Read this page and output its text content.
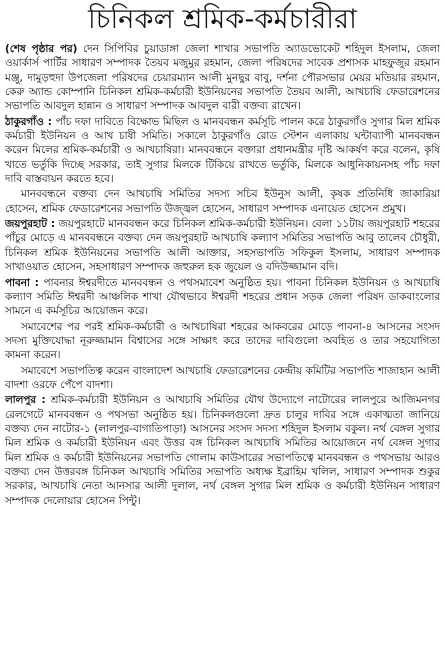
চিনিকল শ্রমিক-কর্মচারীরা

(শেষ পৃষ্ঠার পর) দেন সিপিবির চুয়াডাঙ্গা জেলা শাখার সভাপতি অ্যাডভোকেট শহিদুল ইসলাম, জেলা ওয়ার্কার্স পার্টির সাধারণ সম্পাদক তৈয়ব মজুমুর রহমান, জেলা পরিষদের সাবেক প্রশাসক মাহফুজুর রহমান মঞ্জু, দামুড়হুদা উপজেলা পরিষদের চেয়ারম্যান আলী মুনছুর বাবু, দর্শনা পৌরসভার মেয়র মতিয়ার রহমান, কেরু অ্যান্ড কোম্পানি চিনিকল শ্রমিক-কর্মচারী ইউনিয়নের সভাপতি তৈয়ব আলী, আখচাষি ফেডারেশনের সভাপতি আবদুল হান্নান ও সাধারণ সম্পাদক আবদুল বারী বক্তব্য রাখেন।

ঠাকুরগাঁও : পাঁচ দফা দাবিতে বিক্ষোভ মিছিল ও মানববন্ধন কর্মসূচি পালন করে ঠাকুরগাঁও সুগার মিল শ্রমিক কর্মচারী ইউনিয়ন ও আখ চাষী সমিতি। সকালে ঠাকুরগাঁও রোড স্টেশন এলাকায় ঘন্টাব্যাপী মানববন্ধন করেন মিলের শ্রমিক-কর্মচারী ও আখচাষিরা। মানববন্ধনে বক্তারা প্রধানমন্ত্রীর দৃষ্টি আকর্ষণ করে বলেন, কৃষি খাতে ভর্তুকি দিচ্ছে সরকার, তাই সুগার মিলকে টিকিয়ে রাখতে ভর্তুকি, মিলকে আধুনিকায়নসহ পাঁচ দফা দাবি বাস্তবায়ন করতে হবে।

মানববন্ধনে বক্তব্য দেন আখচাষি সমিতির সদস্য সচিব ইউনুস আলী, কৃষক প্রতিনিধি জাকারিয়া হোসেন, শ্রমিক ফেডারেশনের সভাপতি উজ্জ্বল হোসেন, সাধারণ সম্পাদক এনায়েত হোসেন প্রমুখ।

জয়পুরহাট : জয়পুরহাটে মানববন্ধন করে চিনিকল শ্রমিক-কর্মচারী ইউনিয়ন। বেলা ১১টায় জয়পুরহাট শহরের পাঁচুর মোড়ে এ মানববন্ধনে বক্তব্য দেন জয়পুরহাট আখচাষি কল্যাণ সমিতির সভাপতি আবু তালেব চৌধুরী, চিনিকল শ্রমিক ইউনিয়নের সভাপতি আলী আক্তার, সহসভাপতি সফিকুল ইসলাম, সাধারণ সম্পাদক সাখাওয়াত হোসেন, সহসাধারণ সম্পাদক জহুরুল হক জুয়েল ও বদিউজ্জামান বদি।

পাবনা : পাবনার ঈশ্বরদীতে মানববন্ধন ও পথসমাবেশ অনুষ্ঠিত হয়। পাবনা চিনিকল ইউনিয়ন ও আখচাষি কল্যাণ সমিতি ঈশ্বরদী আঞ্চলিক শাখা যৌথভাবে ঈশ্বরদী শহরের প্রধান সড়ক জেলা পরিষদ ডাকবাংলোর সামনে এ কর্মসূচির আয়োজন করে।

সমাবেশের পর পরই শ্রমিক-কর্মচারী ও আখচাষিরা শহরের আকবরের মোড়ে পাবনা-৪ আসনের সংসদ সদস্য মুক্তিযোদ্ধা নূরুজ্জামান বিশ্বাসের সঙ্গে সাক্ষাৎ করে তাদের দাবিগুলো অবহিত ও তার সহযোগিতা কামনা করেন।

সমাবেশে সভাপতিত্ব করেন বাংলাদেশ আখচাষি ফেডারেশনের কেন্দ্রীয় কমিটির সভাপতি শাজাহান আলী বাদশা ওরফে পেঁপে বাদশা।

লালপুর : শ্রমিক-কর্মচারী ইউনিয়ন ও আখচাষি সমিতির যৌথ উদ্যোগে নাটোরের লালপুরে আজিমনগর রেলগেটে মানববন্ধন ও পথসভা অনুষ্ঠিত হয়। চিনিকলগুলো দ্রুত চালুর দাবির সঙ্গে একাত্মতা জানিয়ে বক্তব্য দেন নাটোর-১ (লালপুর-বাগাতিপাড়া) আসনের সংসদ সদস্য শহিদুল ইসলাম বকুল। নর্থ বেঙ্গল সুগার মিল শ্রমিক ও কর্মচারী ইউনিয়ন এবং উত্তর বঙ্গ চিনিকল আখচাষি সমিতির আয়োজনে নর্থ বেঙ্গল সুগার মিল শ্রমিক ও কর্মচারী ইউনিয়নের সভাপতি গোলাম কাউসারের সভাপতিত্বে মানববন্ধন ও পথসভায় আরও বক্তব্য দেন উত্তরবঙ্গ চিনিকল আখচাষি সমিতির সভাপতি অধ্যক্ষ ইব্রাহিম খলিল, সাধারণ সম্পাদক শুকুর সরকার, আখচাষি নেতা আনসার আলী দুলাল, নর্থ বেঙ্গল সুগার মিল শ্রমিক ও কর্মচারী ইউনিয়ন সাধারণ সম্পাদক দেলোয়ার হোসেন পিন্টু।
